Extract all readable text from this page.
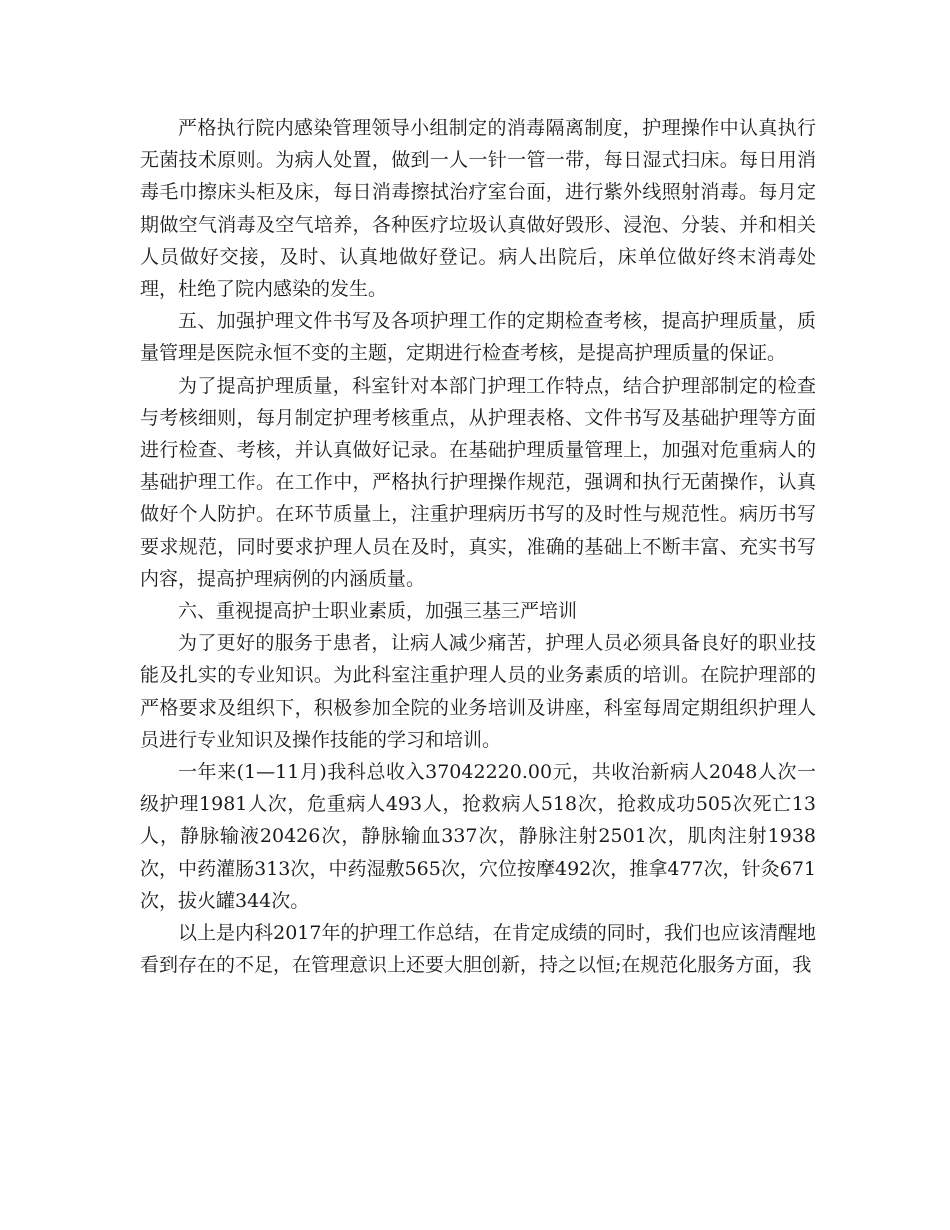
严格执行院内感染管理领导小组制定的消毒隔离制度，护理操作中认真执行无菌技术原则。为病人处置，做到一人一针一管一带，每日湿式扫床。每日用消毒毛巾擦床头柜及床，每日消毒擦拭治疗室台面，进行紫外线照射消毒。每月定期做空气消毒及空气培养，各种医疗垃圾认真做好毁形、浸泡、分装、并和相关人员做好交接，及时、认真地做好登记。病人出院后，床单位做好终末消毒处理，杜绝了院内感染的发生。

五、加强护理文件书写及各项护理工作的定期检查考核，提高护理质量，质量管理是医院永恒不变的主题，定期进行检查考核，是提高护理质量的保证。

为了提高护理质量，科室针对本部门护理工作特点，结合护理部制定的检查与考核细则，每月制定护理考核重点，从护理表格、文件书写及基础护理等方面进行检查、考核，并认真做好记录。在基础护理质量管理上，加强对危重病人的基础护理工作。在工作中，严格执行护理操作规范，强调和执行无菌操作，认真做好个人防护。在环节质量上，注重护理病历书写的及时性与规范性。病历书写要求规范，同时要求护理人员在及时，真实，准确的基础上不断丰富、充实书写内容，提高护理病例的内涵质量。

六、重视提高护士职业素质，加强三基三严培训

为了更好的服务于患者，让病人减少痛苦，护理人员必须具备良好的职业技能及扎实的专业知识。为此科室注重护理人员的业务素质的培训。在院护理部的严格要求及组织下，积极参加全院的业务培训及讲座，科室每周定期组织护理人员进行专业知识及操作技能的学习和培训。

一年来(1—11月)我科总收入37042220.00元，共收治新病人2048人次一级护理1981人次，危重病人493人，抢救病人518次，抢救成功505次死亡13人，静脉输液20426次，静脉输血337次，静脉注射2501次，肌肉注射1938次，中药灌肠313次，中药湿敷565次，穴位按摩492次，推拿477次，针灸671次，拔火罐344次。

以上是内科2017年的护理工作总结，在肯定成绩的同时，我们也应该清醒地看到存在的不足，在管理意识上还要大胆创新，持之以恒;在规范化服务方面，我
